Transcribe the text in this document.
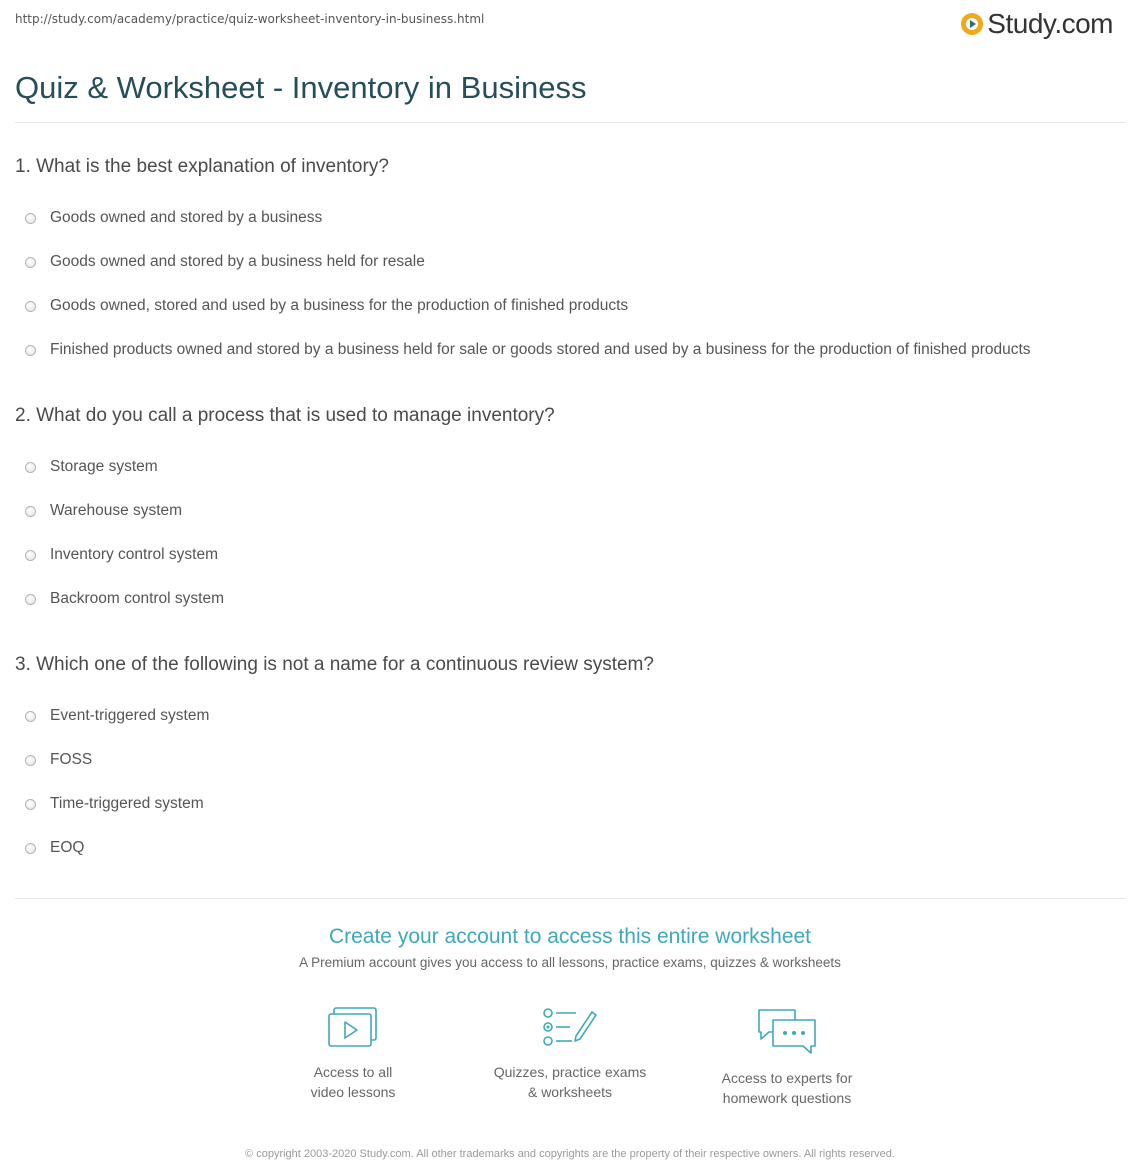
http://study.com/academy/practice/quiz-worksheet-inventory-in-business.html	Study.com
Quiz & Worksheet - Inventory in Business
1. What is the best explanation of inventory?
Goods owned and stored by a business
Goods owned and stored by a business held for resale
Goods owned, stored and used by a business for the production of finished products
Finished products owned and stored by a business held for sale or goods stored and used by a business for the production of finished products
2. What do you call a process that is used to manage inventory?
Storage system
Warehouse system
Inventory control system
Backroom control system
3. Which one of the following is not a name for a continuous review system?
Event-triggered system
FOSS
Time-triggered system
EOQ
Create your account to access this entire worksheet
A Premium account gives you access to all lessons, practice exams, quizzes & worksheets
Access to all
video lessons
Quizzes, practice exams
& worksheets
Access to experts for
homework questions
© copyright 2003-2020 Study.com. All other trademarks and copyrights are the property of their respective owners. All rights reserved.
